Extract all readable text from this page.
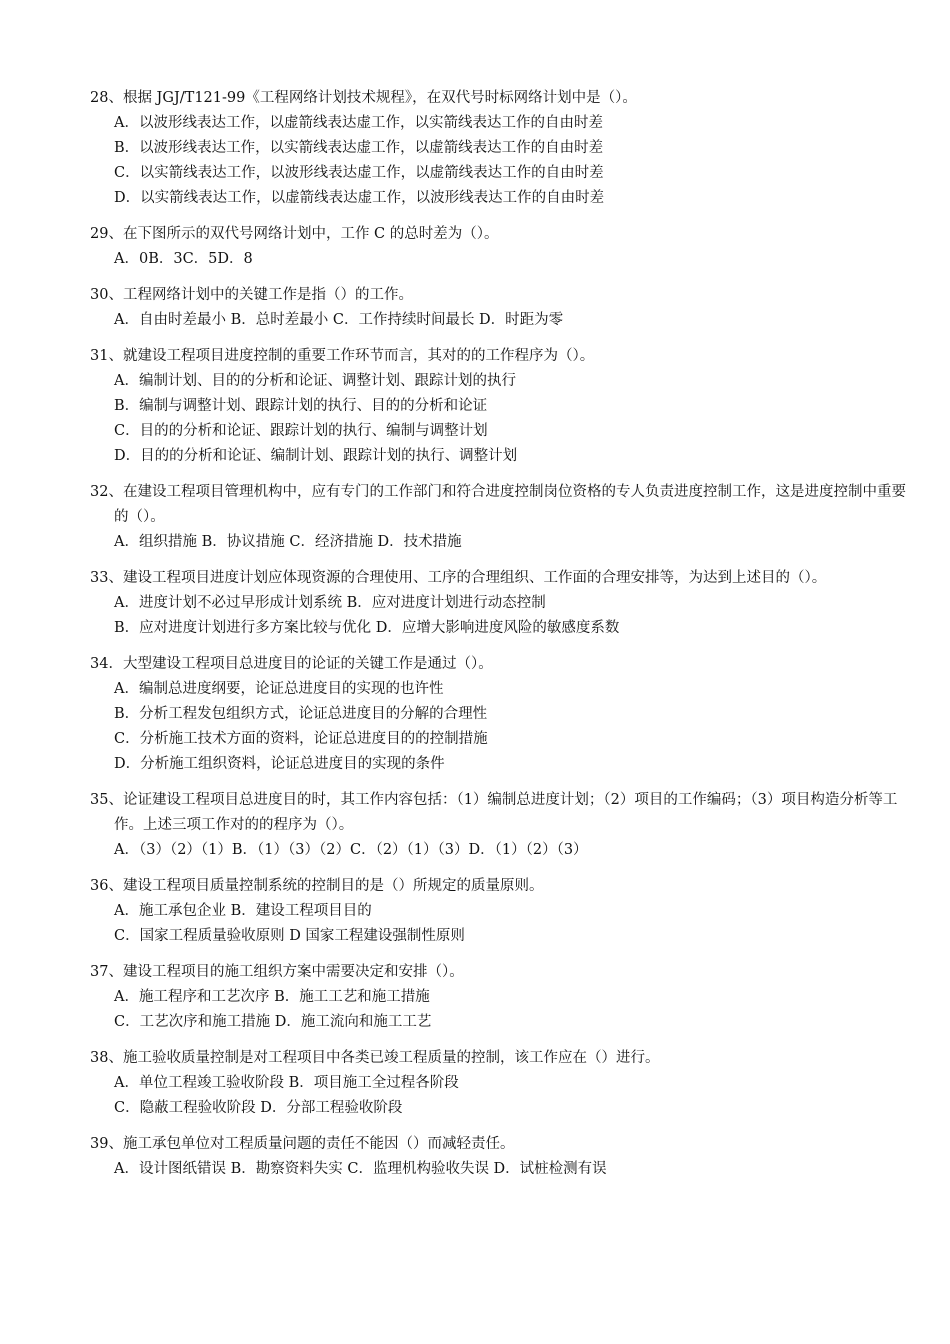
28、根据 JGJ/T121-99《工程网络计划技术规程》，在双代号时标网络计划中是（）。
A．以波形线表达工作，以虚箭线表达虚工作，以实箭线表达工作的自由时差
B．以波形线表达工作，以实箭线表达虚工作，以虚箭线表达工作的自由时差
C．以实箭线表达工作，以波形线表达虚工作，以虚箭线表达工作的自由时差
D．以实箭线表达工作，以虚箭线表达虚工作，以波形线表达工作的自由时差
29、在下图所示的双代号网络计划中，工作 C 的总时差为（）。
A．0B．3C．5D．8
30、工程网络计划中的关键工作是指（）的工作。
A．自由时差最小 B．总时差最小 C．工作持续时间最长 D．时距为零
31、就建设工程项目进度控制的重要工作环节而言，其对的的工作程序为（）。
A．编制计划、目的的分析和论证、调整计划、跟踪计划的执行
B．编制与调整计划、跟踪计划的执行、目的的分析和论证
C．目的的分析和论证、跟踪计划的执行、编制与调整计划
D．目的的分析和论证、编制计划、跟踪计划的执行、调整计划
32、在建设工程项目管理机构中，应有专门的工作部门和符合进度控制岗位资格的专人负责进度控制工作，这是进度控制中重要的（）。
A．组织措施 B．协议措施 C．经济措施 D．技术措施
33、建设工程项目进度计划应体现资源的合理使用、工序的合理组织、工作面的合理安排等，为达到上述目的（）。
A．进度计划不必过早形成计划系统 B．应对进度计划进行动态控制
B．应对进度计划进行多方案比较与优化 D．应增大影响进度风险的敏感度系数
34．大型建设工程项目总进度目的论证的关键工作是通过（）。
A．编制总进度纲要，论证总进度目的实现的也许性
B．分析工程发包组织方式，论证总进度目的分解的合理性
C．分析施工技术方面的资料，论证总进度目的的控制措施
D．分析施工组织资料，论证总进度目的实现的条件
35、论证建设工程项目总进度目的时，其工作内容包括：（1）编制总进度计划；（2）项目的工作编码；（3）项目构造分析等工作。上述三项工作对的的程序为（）。
A．（3）（2）（1）B．（1）（3）（2）C．（2）（1）（3）D．（1）（2）（3）
36、建设工程项目质量控制系统的控制目的是（）所规定的质量原则。
A．施工承包企业 B．建设工程项目目的
C．国家工程质量验收原则 D 国家工程建设强制性原则
37、建设工程项目的施工组织方案中需要决定和安排（）。
A．施工程序和工艺次序 B．施工工艺和施工措施
C．工艺次序和施工措施 D．施工流向和施工工艺
38、施工验收质量控制是对工程项目中各类已竣工程质量的控制，该工作应在（）进行。
A．单位工程竣工验收阶段 B．项目施工全过程各阶段
C．隐蔽工程验收阶段 D．分部工程验收阶段
39、施工承包单位对工程质量问题的责任不能因（）而减轻责任。
A．设计图纸错误 B．勘察资料失实 C．监理机构验收失误 D．试桩检测有误
